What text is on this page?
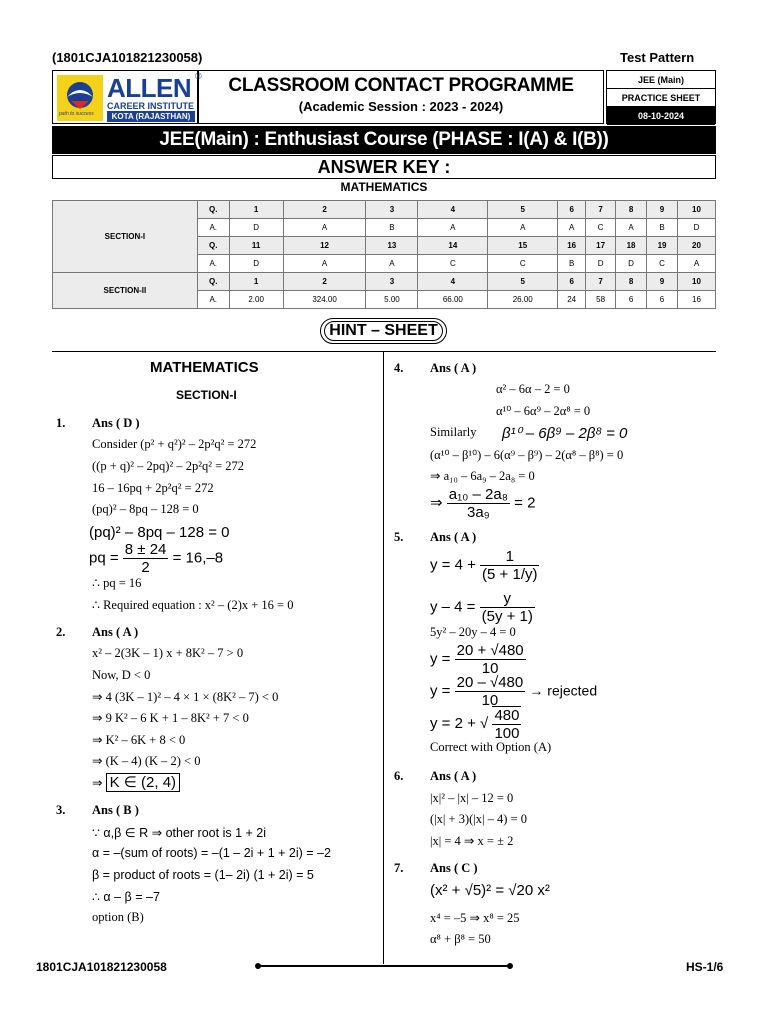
(1801CJA101821230058)	Test Pattern
ALLEN ®
CAREER INSTITUTE
KOTA (RAJASTHAN)
path to success
CLASSROOM CONTACT PROGRAMME
(Academic Session : 2023 - 2024)
JEE (Main)
PRACTICE SHEET
08-10-2024
JEE(Main) : Enthusiast Course (PHASE : I(A) & I(B))
ANSWER KEY :
MATHEMATICS
SECTION-I	Q.	1	2	3	4	5	6	7	8	9	10
	A.	D	A	B	A	A	A	C	A	B	D
	Q.	11	12	13	14	15	16	17	18	19	20
	A.	D	A	A	C	C	B	D	D	C	A
SECTION-II	Q.	1	2	3	4	5	6	7	8	9	10
	A.	2.00	324.00	5.00	66.00	26.00	24	58	6	6	16
HINT – SHEET
MATHEMATICS
SECTION-I
1. Ans ( D )
Consider (p² + q²)² – 2p²q² = 272
((p + q)² – 2pq)² – 2p²q² = 272
16 – 16pq + 2p²q² = 272
(pq)² – 8pq – 128 = 0
(pq)² – 8pq – 128 = 0
pq = $\frac{8 \pm 24}{2} = 16,-8$
∴ pq = 16
∴ Required equation : x² – (2)x + 16 = 0
2. Ans ( A )
x² – 2(3K – 1) x + 8K² – 7 > 0
Now, D < 0
⇒ 4 (3K – 1)² – 4 × 1 × (8K² – 7) < 0
⇒ 9 K² – 6 K + 1 – 8K² + 7 < 0
⇒ K² – 6K + 8 < 0
⇒ (K – 4) (K – 2) < 0
⇒ K ∈ (2, 4)
3. Ans ( B )
∵ α,β ∈ R ⇒ other root is 1 + 2i
α = –(sum of roots) = –(1 – 2i + 1 + 2i) = –2
β = product of roots = (1– 2i) (1 + 2i) = 5
∴ α – β = –7
option (B)
4. Ans ( A )
α² – 6α – 2 = 0
α¹⁰ – 6α⁹ – 2α⁸ = 0
Similarly β¹⁰ – 6β⁹ – 2β⁸ = 0
(α¹⁰ – β¹⁰) – 6(α⁹ – β⁹) – 2(α⁸ – β⁸) = 0
⇒ a₁₀ – 6a₉ – 2a₈ = 0
⇒ $\frac{\text{a₁₀ – 2a₈}}{\text{3a₉}} = 2$
5. Ans ( A )
$y = 4 + \frac{1}{(5 + 1/y)}$
$y - 4 = \frac{y}{(5y + 1)}$
5y² – 20y – 4 = 0
$y = \frac{20 + √480}{10}$
$y = \frac{20 - √480}{10}$ → rejected
y = 2 + √ $\frac{480}{100}$
Correct with Option (A)
6. Ans ( A )
|x|² – |x| – 12 = 0
(|x| + 3)(|x| – 4) = 0
|x| = 4 ⇒ x = ± 2
7. Ans ( C )
(x² + √5)² = √20 x²
x⁴ = –5 ⇒ x⁸ = 25
α⁸ + β⁸ = 50
1801CJA101821230058	HS-1/6
